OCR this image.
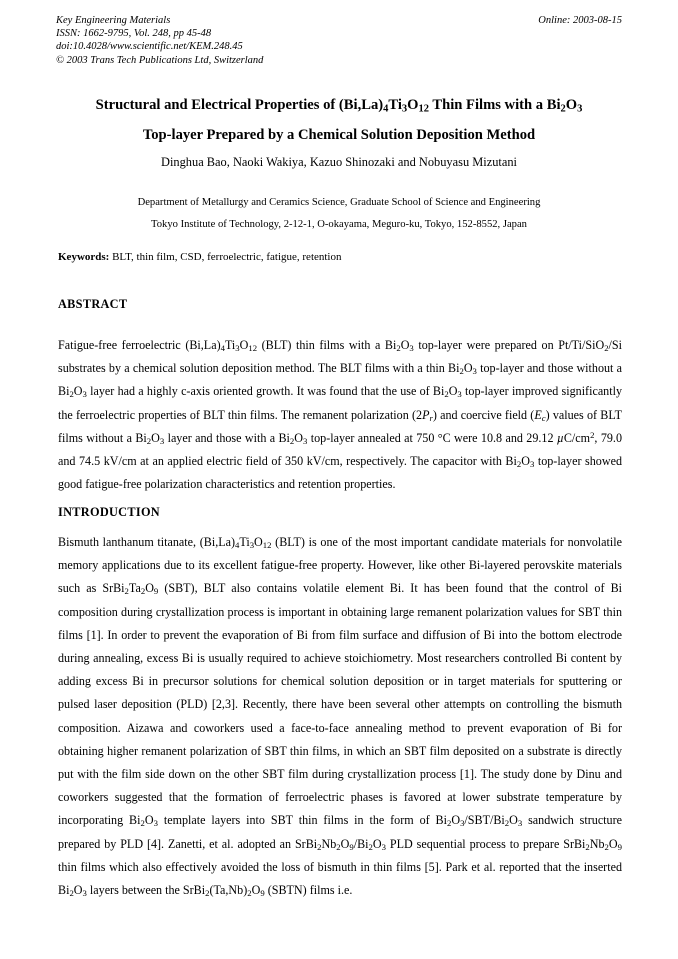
Key Engineering Materials
ISSN: 1662-9795, Vol. 248, pp 45-48
doi:10.4028/www.scientific.net/KEM.248.45
© 2003 Trans Tech Publications Ltd, Switzerland
Online: 2003-08-15
Structural and Electrical Properties of $(Bi,La)_4Ti_3O_{12}$ Thin Films with a $Bi_2O_3$
Top-layer Prepared by a Chemical Solution Deposition Method
Dinghua Bao, Naoki Wakiya, Kazuo Shinozaki and Nobuyasu Mizutani
Department of Metallurgy and Ceramics Science, Graduate School of Science and Engineering
Tokyo Institute of Technology, 2-12-1, O-okayama, Meguro-ku, Tokyo, 152-8552, Japan
Keywords: BLT, thin film, CSD, ferroelectric, fatigue, retention
ABSTRACT
Fatigue-free ferroelectric $(Bi,La)_4Ti_3O_{12}$ (BLT) thin films with a $Bi_2O_3$ top-layer were prepared on Pt/Ti/SiO$_2$/Si substrates by a chemical solution deposition method. The BLT films with a thin $Bi_2O_3$ top-layer and those without a $Bi_2O_3$ layer had a highly c-axis oriented growth. It was found that the use of $Bi_2O_3$ top-layer improved significantly the ferroelectric properties of BLT thin films. The remanent polarization $(2P_r)$ and coercive field $(E_c)$ values of BLT films without a $Bi_2O_3$ layer and those with a $Bi_2O_3$ top-layer annealed at 750 °C were 10.8 and 29.12 $\mu C/cm^2$, 79.0 and 74.5 kV/cm at an applied electric field of 350 kV/cm, respectively. The capacitor with $Bi_2O_3$ top-layer showed good fatigue-free polarization characteristics and retention properties.
INTRODUCTION
Bismuth lanthanum titanate, $(Bi,La)_4Ti_3O_{12}$ (BLT) is one of the most important candidate materials for nonvolatile memory applications due to its excellent fatigue-free property. However, like other Bi-layered perovskite materials such as $SrBi_2Ta_2O_9$ (SBT), BLT also contains volatile element Bi. It has been found that the control of Bi composition during crystallization process is important in obtaining large remanent polarization values for SBT thin films [1]. In order to prevent the evaporation of Bi from film surface and diffusion of Bi into the bottom electrode during annealing, excess Bi is usually required to achieve stoichiometry. Most researchers controlled Bi content by adding excess Bi in precursor solutions for chemical solution deposition or in target materials for sputtering or pulsed laser deposition (PLD) [2,3]. Recently, there have been several other attempts on controlling the bismuth composition. Aizawa and coworkers used a face-to-face annealing method to prevent evaporation of Bi for obtaining higher remanent polarization of SBT thin films, in which an SBT film deposited on a substrate is directly put with the film side down on the other SBT film during crystallization process [1]. The study done by Dinu and coworkers suggested that the formation of ferroelectric phases is favored at lower substrate temperature by incorporating $Bi_2O_3$ template layers into SBT thin films in the form of $Bi_2O_3/SBT/Bi_2O_3$ sandwich structure prepared by PLD [4]. Zanetti, et al. adopted an $SrBi_2Nb_2O_9/Bi_2O_3$ PLD sequential process to prepare $SrBi_2Nb_2O_9$ thin films which also effectively avoided the loss of bismuth in thin films [5]. Park et al. reported that the inserted $Bi_2O_3$ layers between the $SrBi_2(Ta,Nb)_2O_9$ (SBTN) films i.e.
